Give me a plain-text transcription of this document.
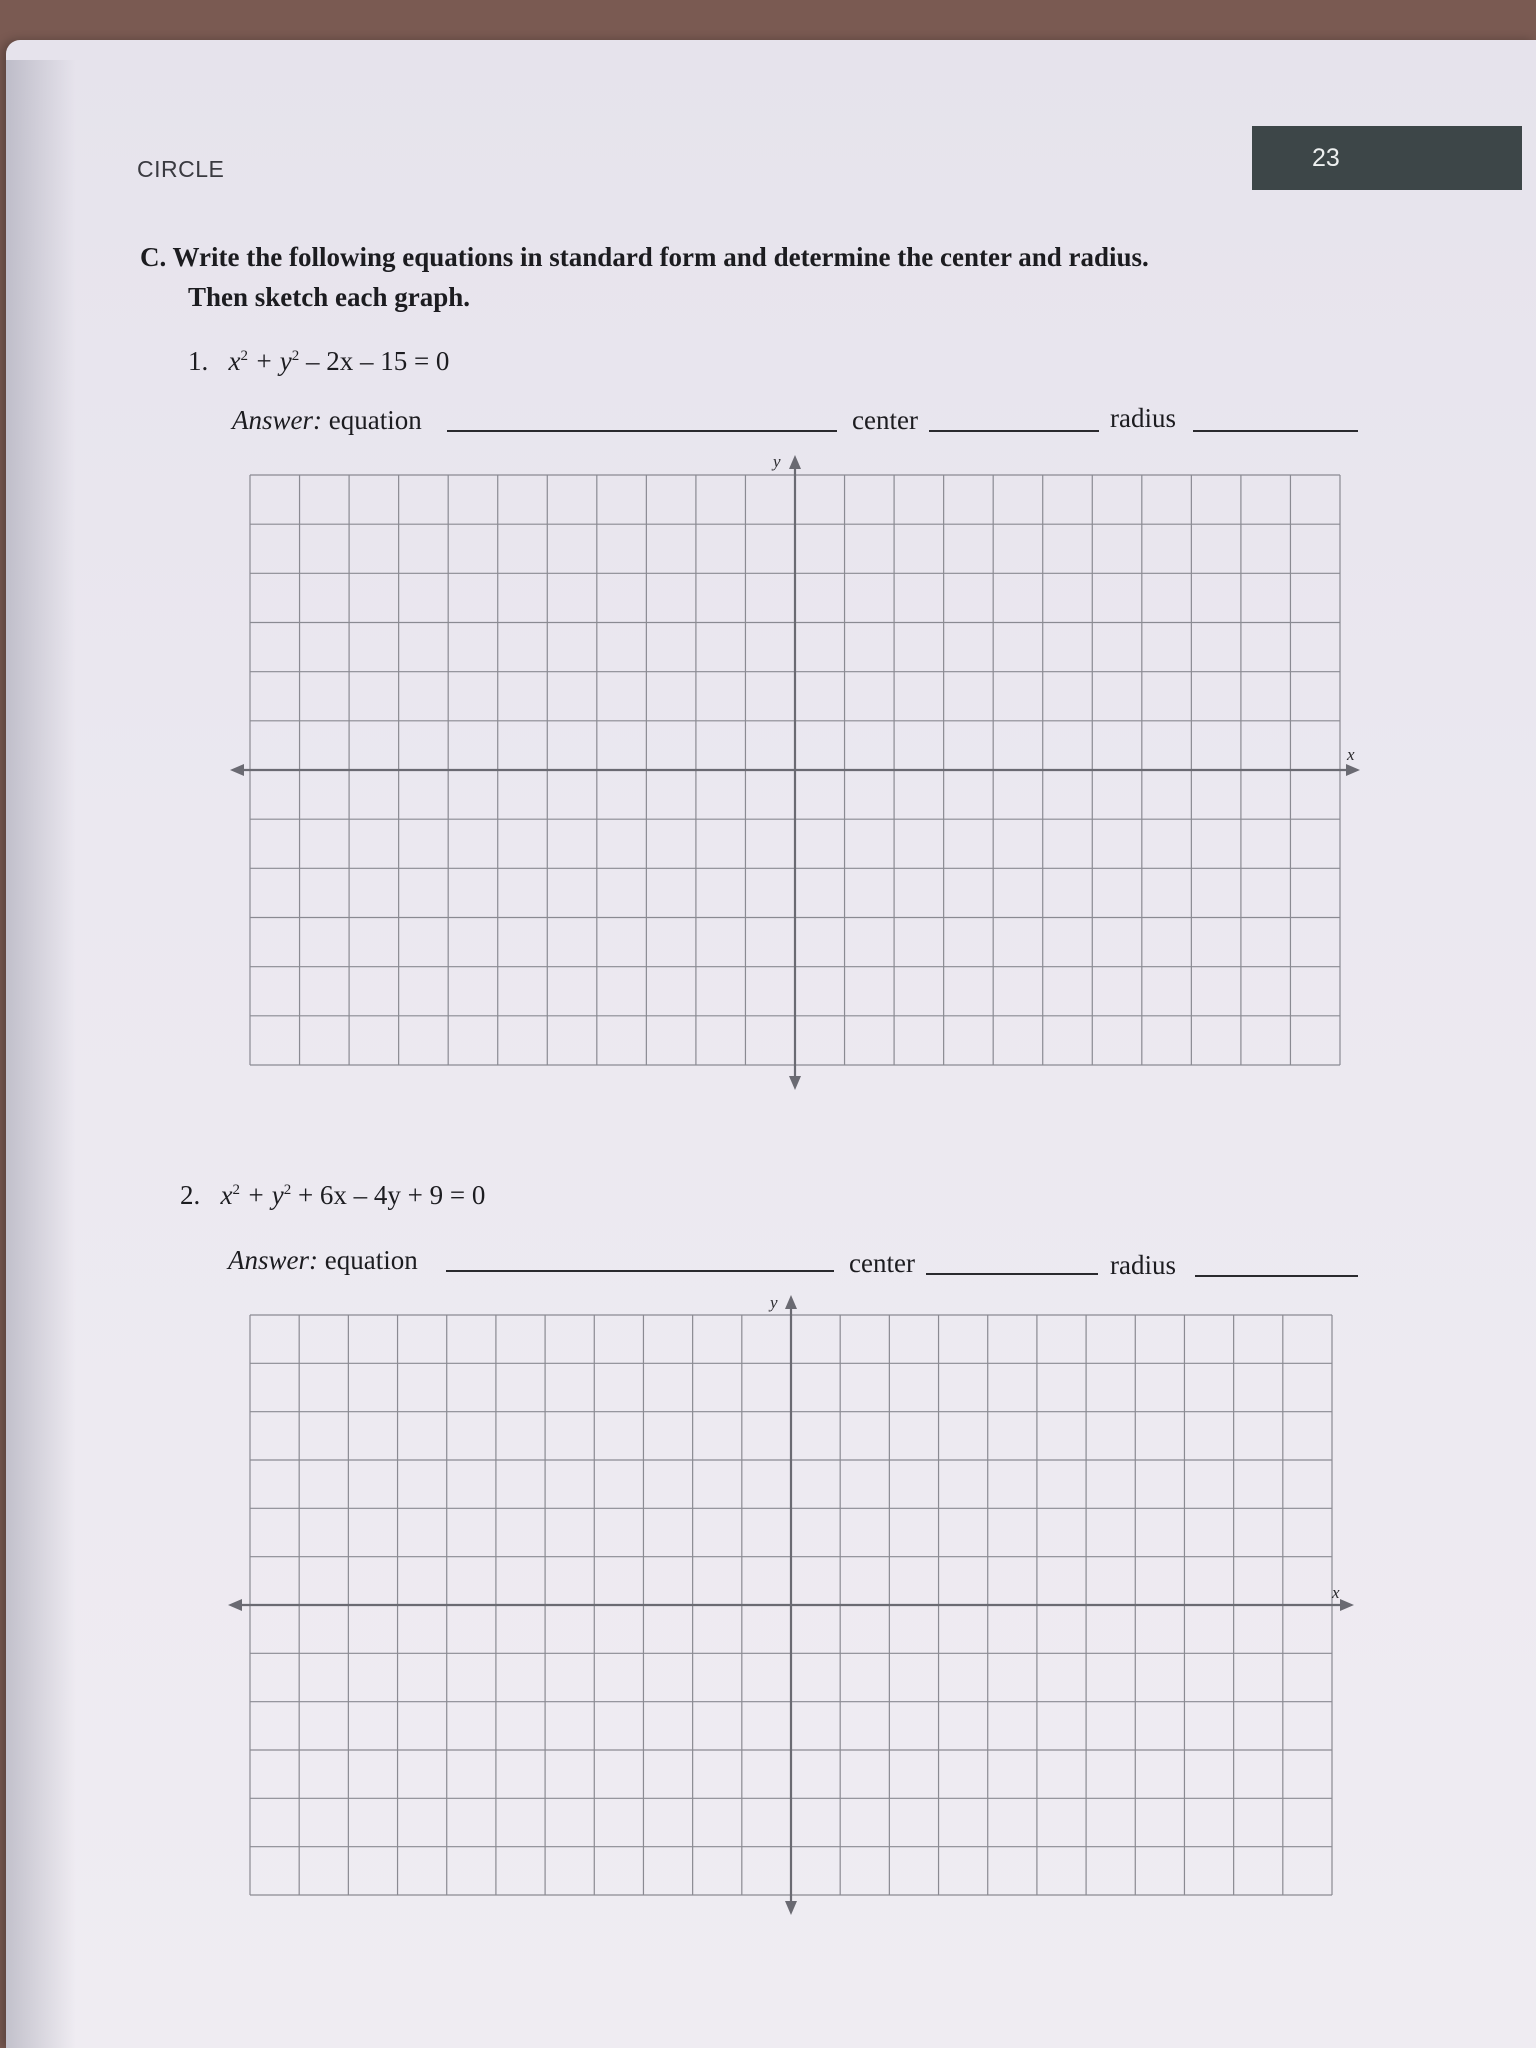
CIRCLE	23
C. Write the following equations in standard form and determine the center and radius.
Then sketch each graph.
1. $x^2 + y^2 - 2x - 15 = 0$
Answer: equation	center	radius
y
x
2. $x^2 + y^2 + 6x - 4y + 9 = 0$
Answer: equation	center	radius
y
x
